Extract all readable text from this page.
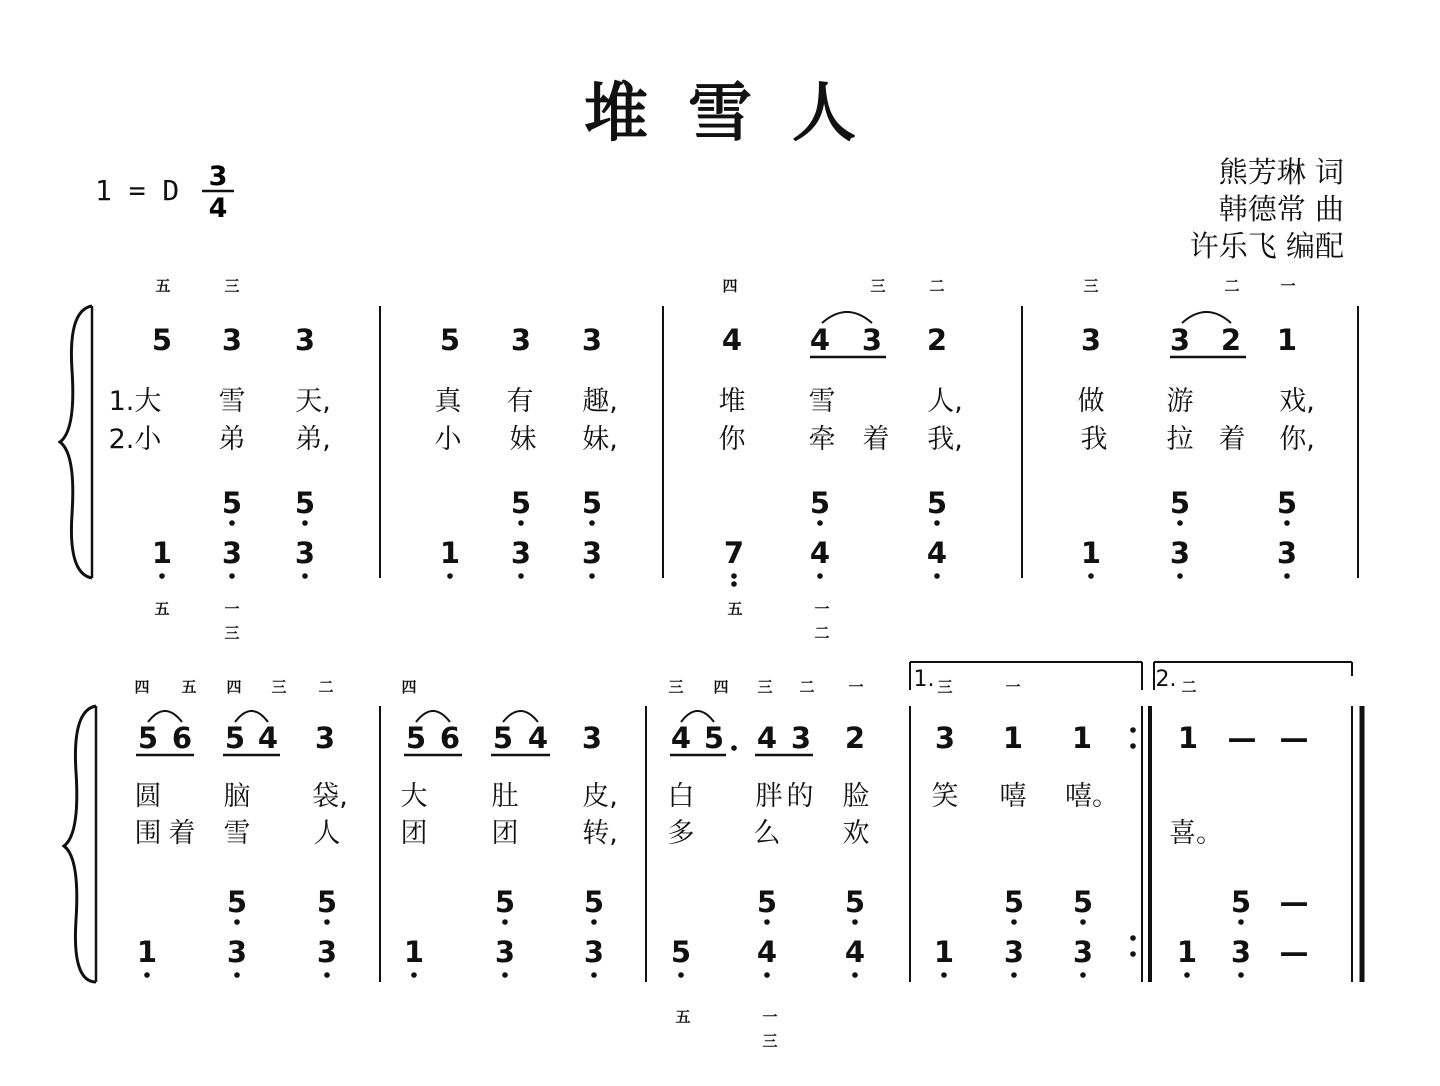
堆雪人
1 = D 3
4
熊芳琳 词
韩德常 曲
许乐飞 编配
五	三	四	三	二	三	二	一
5 3 3	5 3 3	4 4 3 2	3 3 2 1
1.大 雪 天,	真 有 趣,	堆 雪	人,	做 游	戏,
2.小 弟 弟,	小 妹 妹,	你 牵 着 我,	我 拉 着 你,
5 5	5 5	5	5	5	5
1 3 3	1 3 3	7 4	4	1 3	3
五	一
三
五	一
二
1.	2.
四 五 四 三 二	四	三 四 三 二 一	三	一	二
5 6 5 4 3 5 6 5 4 3 4 5 4 3 2 3 1 1	1 — —
圆 脑 袋, 大 肚 皮, 白 胖 的 脸 笑 嘻 嘻。
围 着 雪 人 团 团 转, 多 么 欢	喜。
5 5	5 5	5 5	5 5	5 —
1 3 3 1 3 3 5 4 4 1 3 3	1 3 —
五	一
三
